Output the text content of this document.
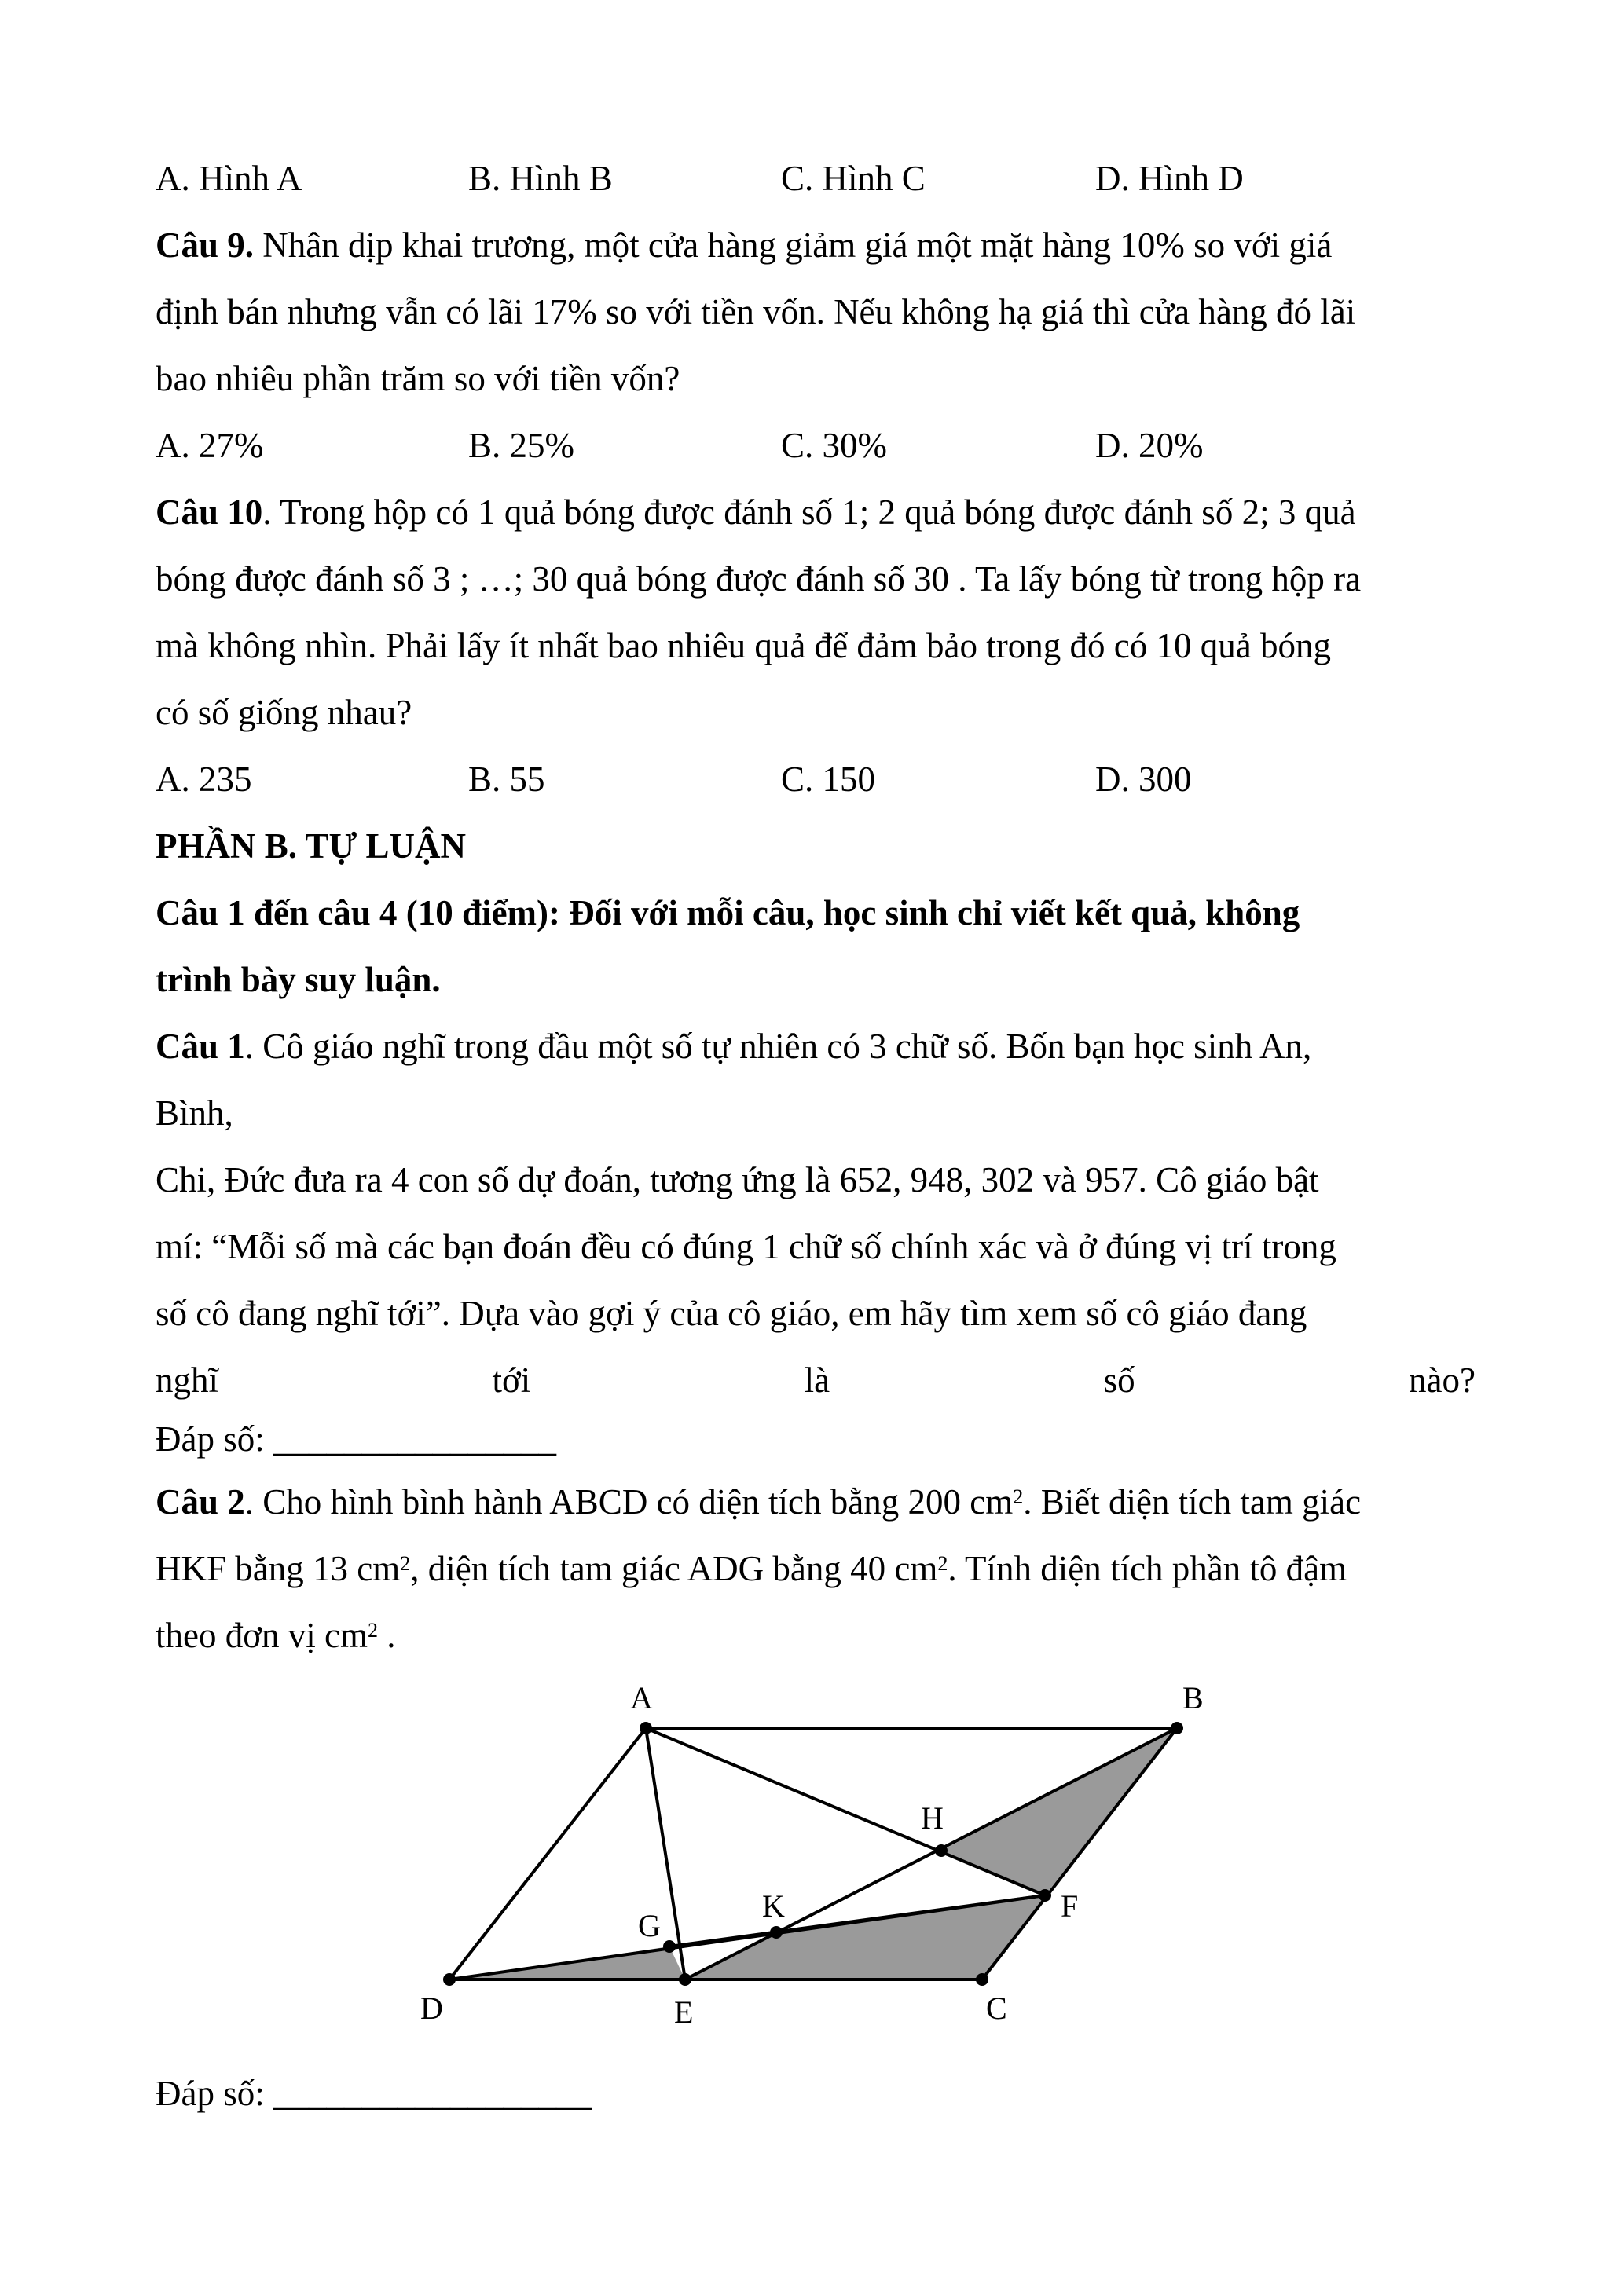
A. Hình A	B. Hình B	C. Hình C	D. Hình D
Câu 9. Nhân dịp khai trương, một cửa hàng giảm giá một mặt hàng 10% so với giá
định bán nhưng vẫn có lãi 17% so với tiền vốn. Nếu không hạ giá thì cửa hàng đó lãi
bao nhiêu phần trăm so với tiền vốn?
A. 27%	B. 25%	C. 30%	D. 20%
Câu 10. Trong hộp có 1 quả bóng được đánh số 1; 2 quả bóng được đánh số 2; 3 quả
bóng được đánh số 3 ; …; 30 quả bóng được đánh số 30 . Ta lấy bóng từ trong hộp ra
mà không nhìn. Phải lấy ít nhất bao nhiêu quả để đảm bảo trong đó có 10 quả bóng
có số giống nhau?
A. 235	B. 55	C. 150	D. 300
PHẦN B. TỰ LUẬN
Câu 1 đến câu 4 (10 điểm): Đối với mỗi câu, học sinh chỉ viết kết quả, không
trình bày suy luận.
Câu 1. Cô giáo nghĩ trong đầu một số tự nhiên có 3 chữ số. Bốn bạn học sinh An,
Bình,
Chi, Đức đưa ra 4 con số dự đoán, tương ứng là 652, 948, 302 và 957. Cô giáo bật
mí: “Mỗi số mà các bạn đoán đều có đúng 1 chữ số chính xác và ở đúng vị trí trong
số cô đang nghĩ tới”. Dựa vào gợi ý của cô giáo, em hãy tìm xem số cô giáo đang
nghĩ	tới	là	số	nào?
Đáp số: ________________
Câu 2. Cho hình bình hành ABCD có diện tích bằng 200 $cm^2$. Biết diện tích tam giác
HKF bằng 13 $cm^2$, diện tích tam giác ADG bằng 40 $cm^2$. Tính diện tích phần tô đậm
theo đơn vị $cm^2$ .
A	B
C
D	E
F
G
H
K
Đáp số: __________________
